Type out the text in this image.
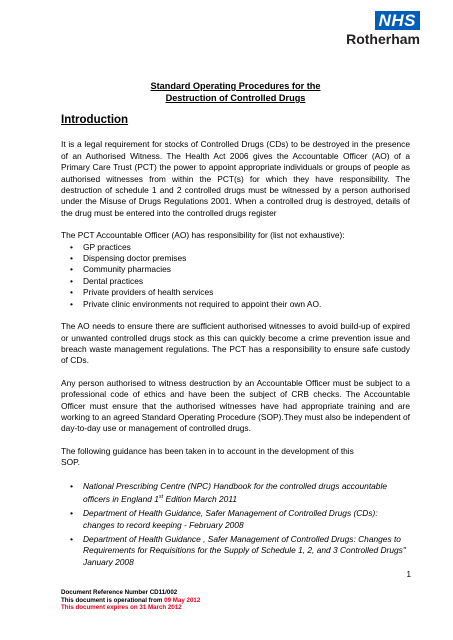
NHS
Rotherham

Standard Operating Procedures for the

Destruction of Controlled Drugs

Introduction

It is a legal requirement for stocks of Controlled Drugs (CDs) to be destroyed in the presence of an Authorised Witness. The Health Act 2006 gives the Accountable Officer (AO) of a Primary Care Trust (PCT) the power to appoint appropriate individuals or groups of people as authorised witnesses from within the PCT(s) for which they have responsibility. The destruction of schedule 1 and 2 controlled drugs must be witnessed by a person authorised under the Misuse of Drugs Regulations 2001. When a controlled drug is destroyed, details of the drug must be entered into the controlled drugs register

The PCT Accountable Officer (AO) has responsibility for (list not exhaustive):

• GP practices
• Dispensing doctor premises
• Community pharmacies
• Dental practices
• Private providers of health services
• Private clinic environments not required to appoint their own AO.

The AO needs to ensure there are sufficient authorised witnesses to avoid build-up of expired or unwanted controlled drugs stock as this can quickly become a crime prevention issue and breach waste management regulations. The PCT has a responsibility to ensure safe custody of CDs.

Any person authorised to witness destruction by an Accountable Officer must be subject to a professional code of ethics and have been the subject of CRB checks. The Accountable Officer must ensure that the authorised witnesses have had appropriate training and are working to an agreed Standard Operating Procedure (SOP).They must also be independent of day-to-day use or management of controlled drugs.

The following guidance has been taken in to account in the development of this
SOP.

• National Prescribing Centre (NPC) Handbook for the controlled drugs accountable officers in England 1st Edition March 2011
• Department of Health Guidance, Safer Management of Controlled Drugs (CDs): changes to record keeping - February 2008
• Department of Health Guidance , Safer Management of Controlled Drugs: Changes to Requirements for Requisitions for the Supply of Schedule 1, 2, and 3 Controlled Drugs" January 2008
1
Document Reference Number CD11/002
This document is operational from 09 May 2012
This document expires on 31 March 2012
